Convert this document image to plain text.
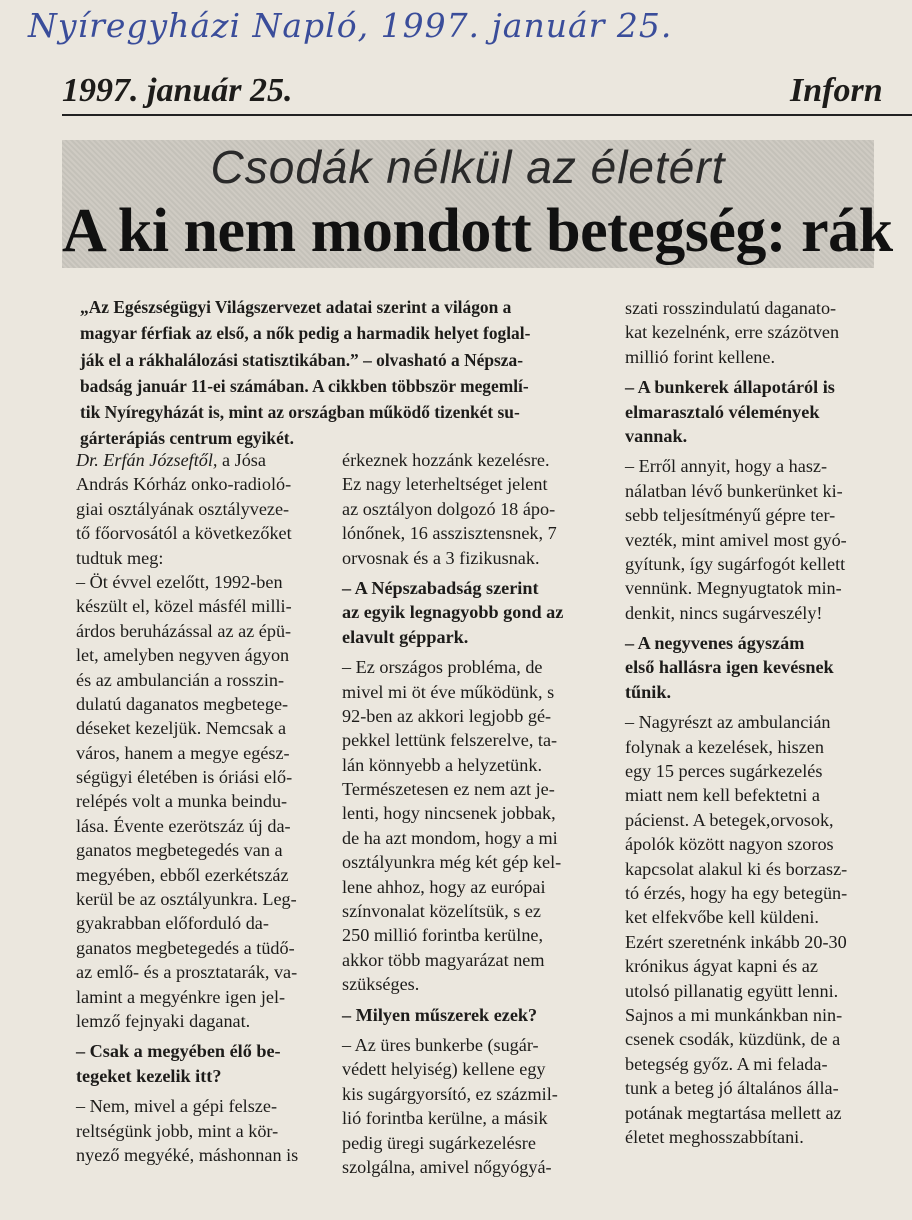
Nyíregyházi Napló, 1997. január 25.
1997. január 25.	Inforn
Csodák nélkül az életért
A ki nem mondott betegség: rák
„Az Egészségügyi Világszervezet adatai szerint a világon a
magyar férfiak az első, a nők pedig a harmadik helyet foglal-
ják el a rákhalálozási statisztikában.” – olvasható a Népsza-
badság január 11-ei számában. A cikkben többször megemlí-
tik Nyíregyházát is, mint az országban működő tizenkét su-
gárterápiás centrum egyikét.
Dr. Erfán Józseftől, a Jósa
András Kórház onko-radioló-
giai osztályának osztályveze-
tő főorvosától a következőket
tudtuk meg:
– Öt évvel ezelőtt, 1992-ben
készült el, közel másfél milli-
árdos beruházással az az épü-
let, amelyben negyven ágyon
és az ambulancián a rosszin-
dulatú daganatos megbetege-
déseket kezeljük. Nemcsak a
város, hanem a megye egész-
ségügyi életében is óriási elő-
relépés volt a munka beindu-
lása. Évente ezerötszáz új da-
ganatos megbetegedés van a
megyében, ebből ezerkétszáz
kerül be az osztályunkra. Leg-
gyakrabban előforduló da-
ganatos megbetegedés a tüdő-
az emlő- és a prosztatarák, va-
lamint a megyénkre igen jel-
lemző fejnyaki daganat.
– Csak a megyében élő be-
tegeket kezelik itt?
– Nem, mivel a gépi felsze-
reltségünk jobb, mint a kör-
nyező megyéké, máshonnan is
érkeznek hozzánk kezelésre.
Ez nagy leterheltséget jelent
az osztályon dolgozó 18 ápo-
lónőnek, 16 asszisztensnek, 7
orvosnak és a 3 fizikusnak.
– A Népszabadság szerint
az egyik legnagyobb gond az
elavult géppark.
– Ez országos probléma, de
mivel mi öt éve működünk, s
92-ben az akkori legjobb gé-
pekkel lettünk felszerelve, ta-
lán könnyebb a helyzetünk.
Természetesen ez nem azt je-
lenti, hogy nincsenek jobbak,
de ha azt mondom, hogy a mi
osztályunkra még két gép kel-
lene ahhoz, hogy az európai
színvonalat közelítsük, s ez
250 millió forintba kerülne,
akkor több magyarázat nem
szükséges.
– Milyen műszerek ezek?
– Az üres bunkerbe (sugár-
védett helyiség) kellene egy
kis sugárgyorsító, ez százmil-
lió forintba kerülne, a másik
pedig üregi sugárkezelésre
szolgálna, amivel nőgyógyá-
szati rosszindulatú daganato-
kat kezelnénk, erre százötven
millió forint kellene.
– A bunkerek állapotáról is
elmarasztaló vélemények
vannak.
– Erről annyit, hogy a hasz-
nálatban lévő bunkerünket ki-
sebb teljesítményű gépre ter-
vezték, mint amivel most gyó-
gyítunk, így sugárfogót kellett
vennünk. Megnyugtatok min-
denkit, nincs sugárveszély!
– A negyvenes ágyszám
első hallásra igen kevésnek
tűnik.
– Nagyrészt az ambulancián
folynak a kezelések, hiszen
egy 15 perces sugárkezelés
miatt nem kell befektetni a
pácienst. A betegek,orvosok,
ápolók között nagyon szoros
kapcsolat alakul ki és borzasz-
tó érzés, hogy ha egy betegün-
ket elfekvőbe kell küldeni.
Ezért szeretnénk inkább 20-30
krónikus ágyat kapni és az
utolsó pillanatig együtt lenni.
Sajnos a mi munkánkban nin-
csenek csodák, küzdünk, de a
betegség győz. A mi felada-
tunk a beteg jó általános álla-
potának megtartása mellett az
életet meghosszabbítani.
